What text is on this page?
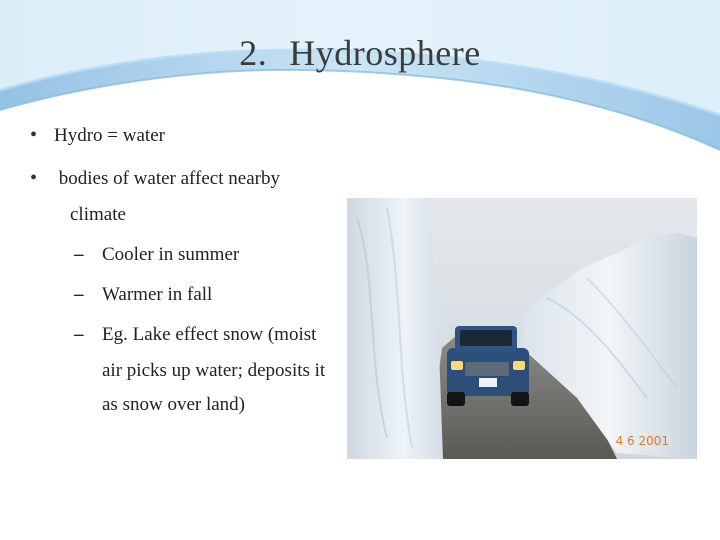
2. Hydrosphere
• Hydro = water
• bodies of water affect nearby
climate
– Cooler in summer
– Warmer in fall
– Eg. Lake effect snow (moist
air picks up water; deposits it
as snow over land)
4 6 2001
